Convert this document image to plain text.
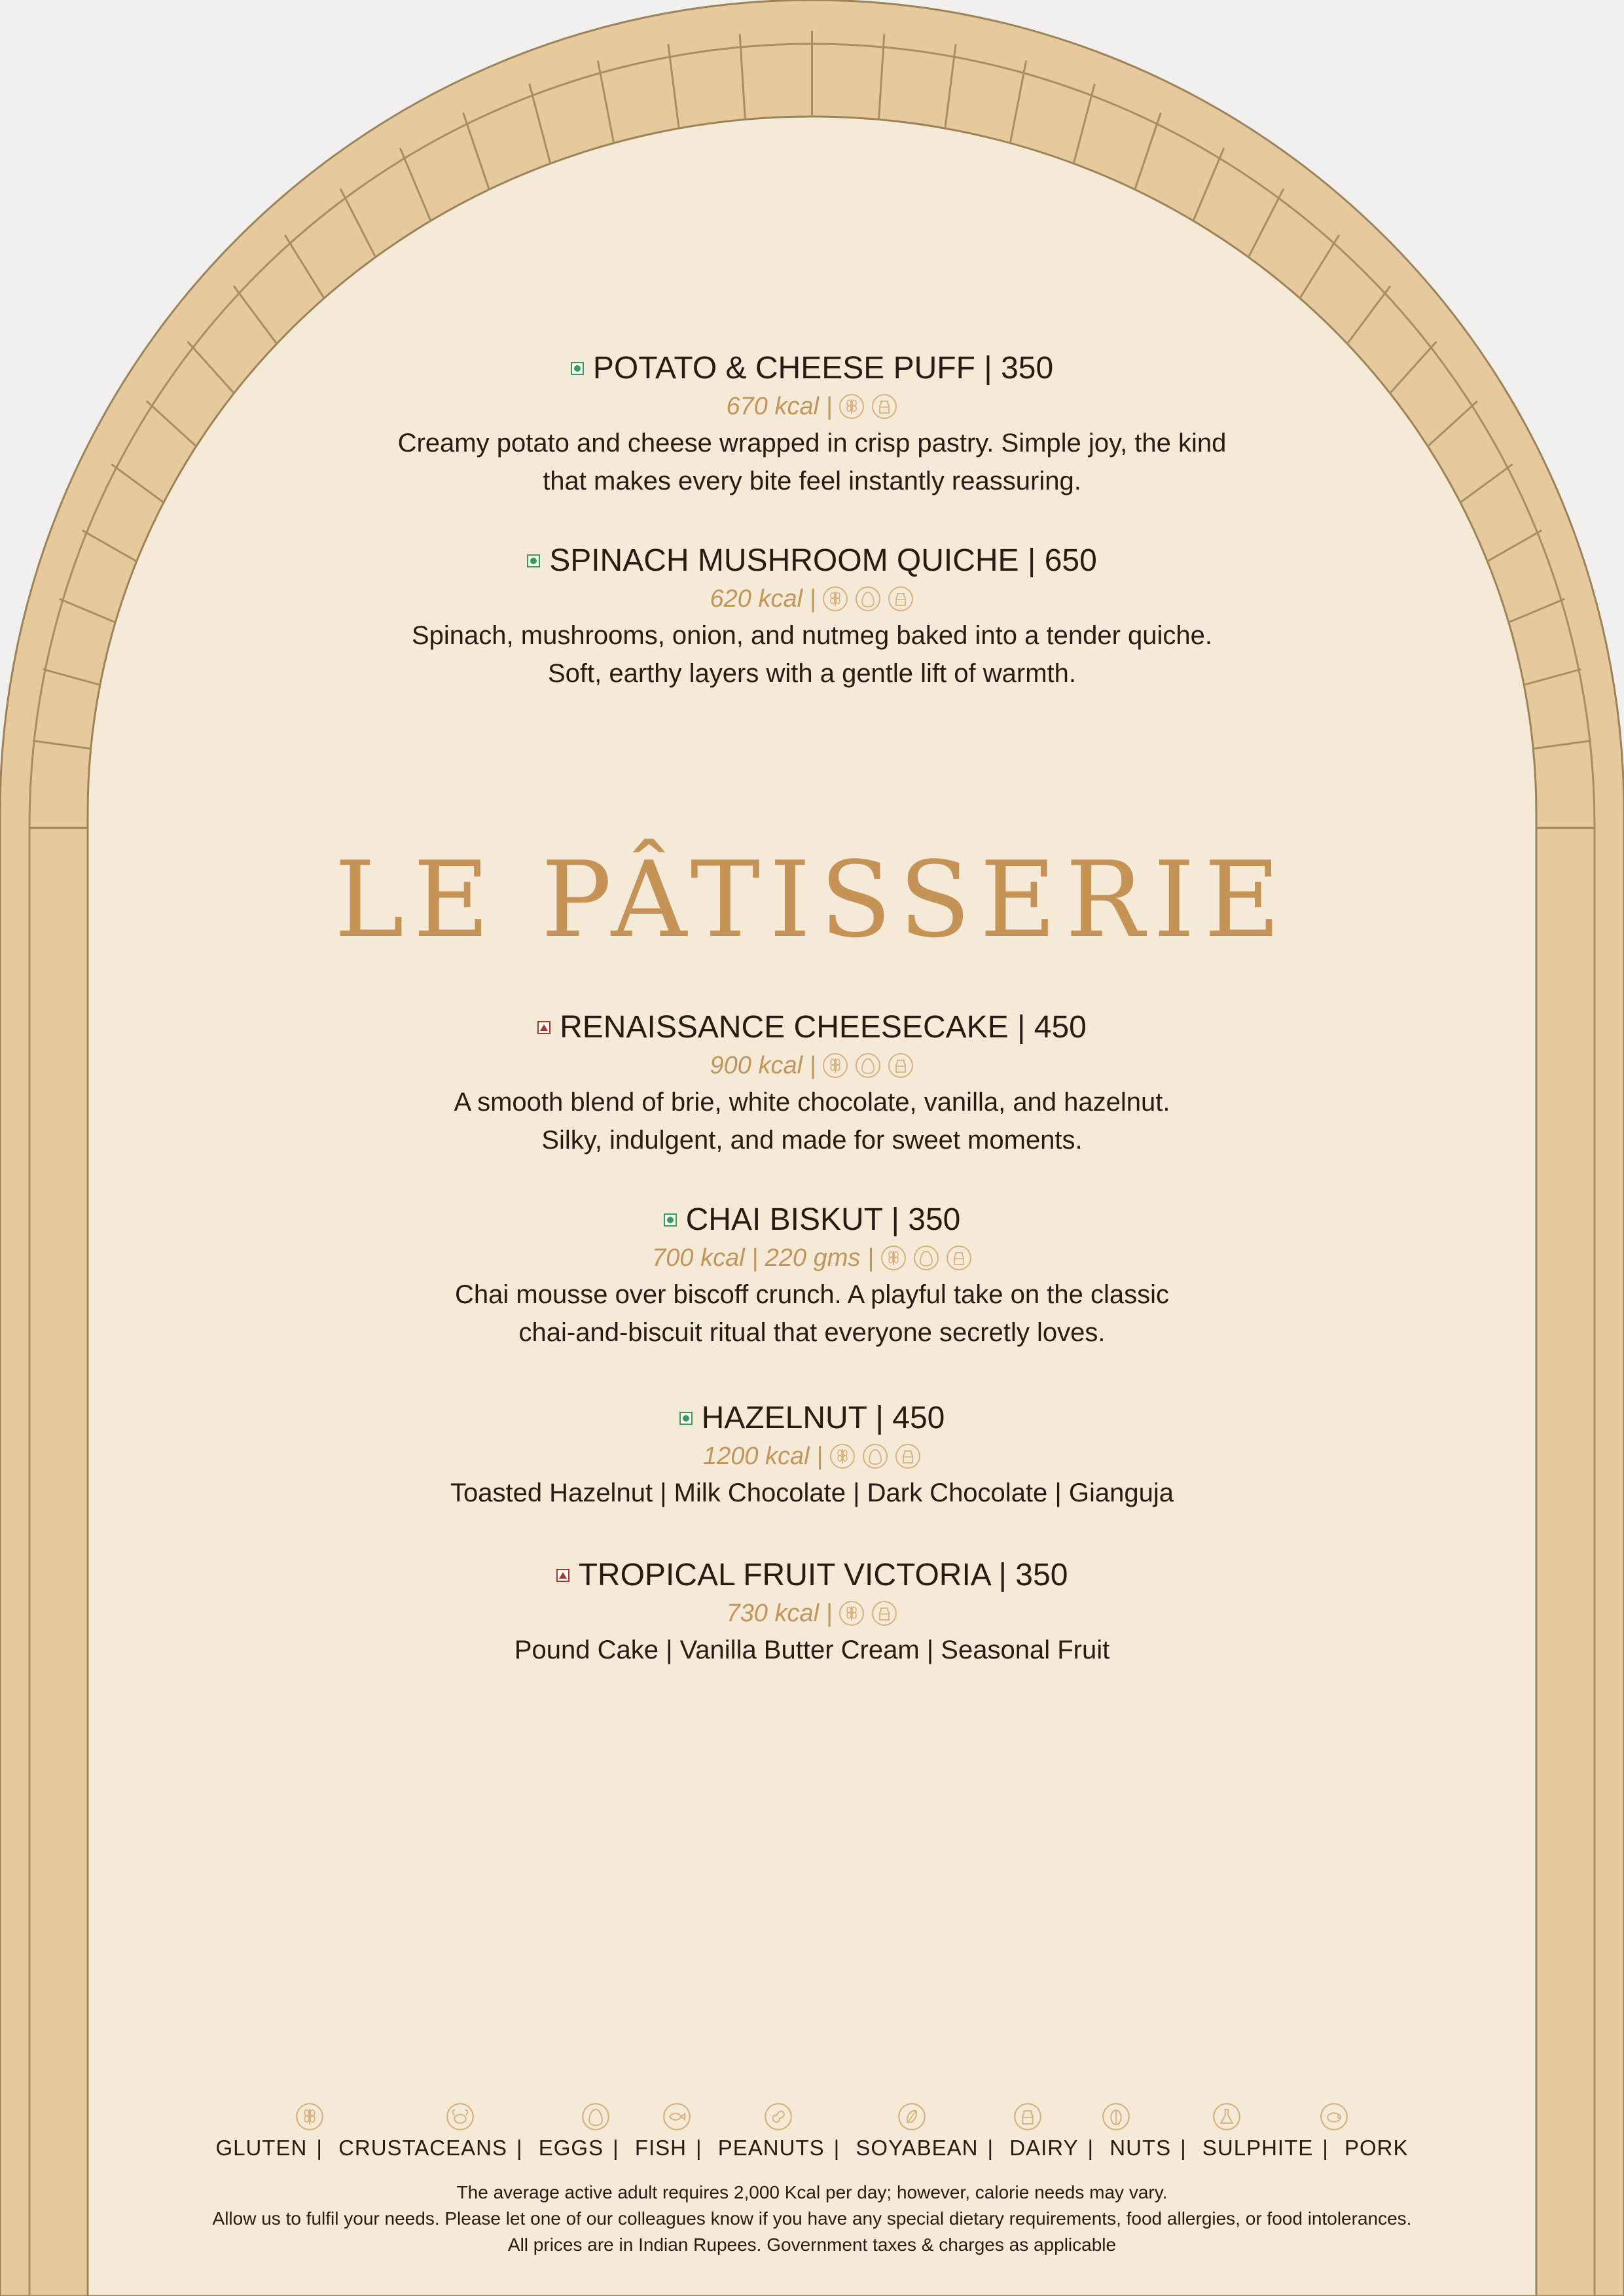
POTATO & CHEESE PUFF | 350
670 kcal |
Creamy potato and cheese wrapped in crisp pastry. Simple joy, the kind
that makes every bite feel instantly reassuring.
SPINACH MUSHROOM QUICHE | 650
620 kcal |
Spinach, mushrooms, onion, and nutmeg baked into a tender quiche.
Soft, earthy layers with a gentle lift of warmth.
LE PÂTISSERIE
RENAISSANCE CHEESECAKE | 450
900 kcal |
A smooth blend of brie, white chocolate, vanilla, and hazelnut.
Silky, indulgent, and made for sweet moments.
CHAI BISKUT | 350
700 kcal | 220 gms |
Chai mousse over biscoff crunch. A playful take on the classic
chai-and-biscuit ritual that everyone secretly loves.
HAZELNUT | 450
1200 kcal |
Toasted Hazelnut | Milk Chocolate | Dark Chocolate | Gianguja
TROPICAL FRUIT VICTORIA | 350
730 kcal |
Pound Cake | Vanilla Butter Cream | Seasonal Fruit
GLUTEN | CRUSTACEANS | EGGS | FISH | PEANUTS | SOYABEAN | DAIRY | NUTS | SULPHITE | PORK
The average active adult requires 2,000 Kcal per day; however, calorie needs may vary.
Allow us to fulfil your needs. Please let one of our colleagues know if you have any special dietary requirements, food allergies, or food intolerances.
All prices are in Indian Rupees. Government taxes & charges as applicable
